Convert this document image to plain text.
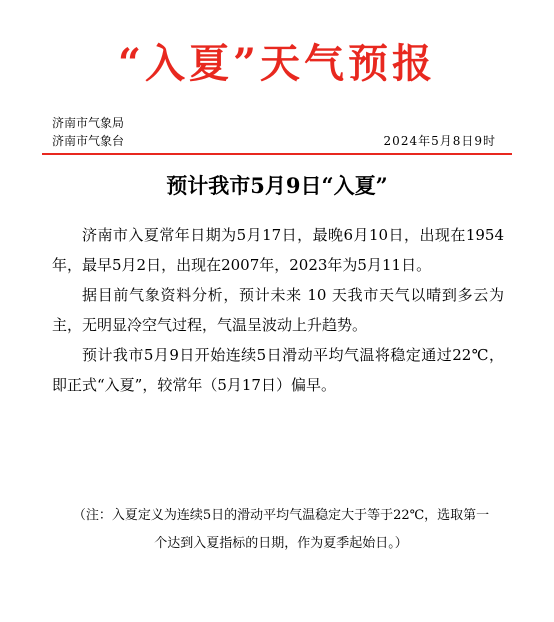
“入夏”天气预报
济南市气象局
济南市气象台	2024年5月8日9时
预计我市5月9日“入夏”

济南市入夏常年日期为5月17日，最晚6月10日，出现在1954年，最早5月2日，出现在2007年，2023年为5月11日。

据目前气象资料分析，预计未来 10 天我市天气以晴到多云为主，无明显冷空气过程，气温呈波动上升趋势。

预计我市5月9日开始连续5日滑动平均气温将稳定通过22℃，即正式“入夏”，较常年（5月17日）偏早。

（注：入夏定义为连续5日的滑动平均气温稳定大于等于22℃，选取第一
个达到入夏指标的日期，作为夏季起始日。）
